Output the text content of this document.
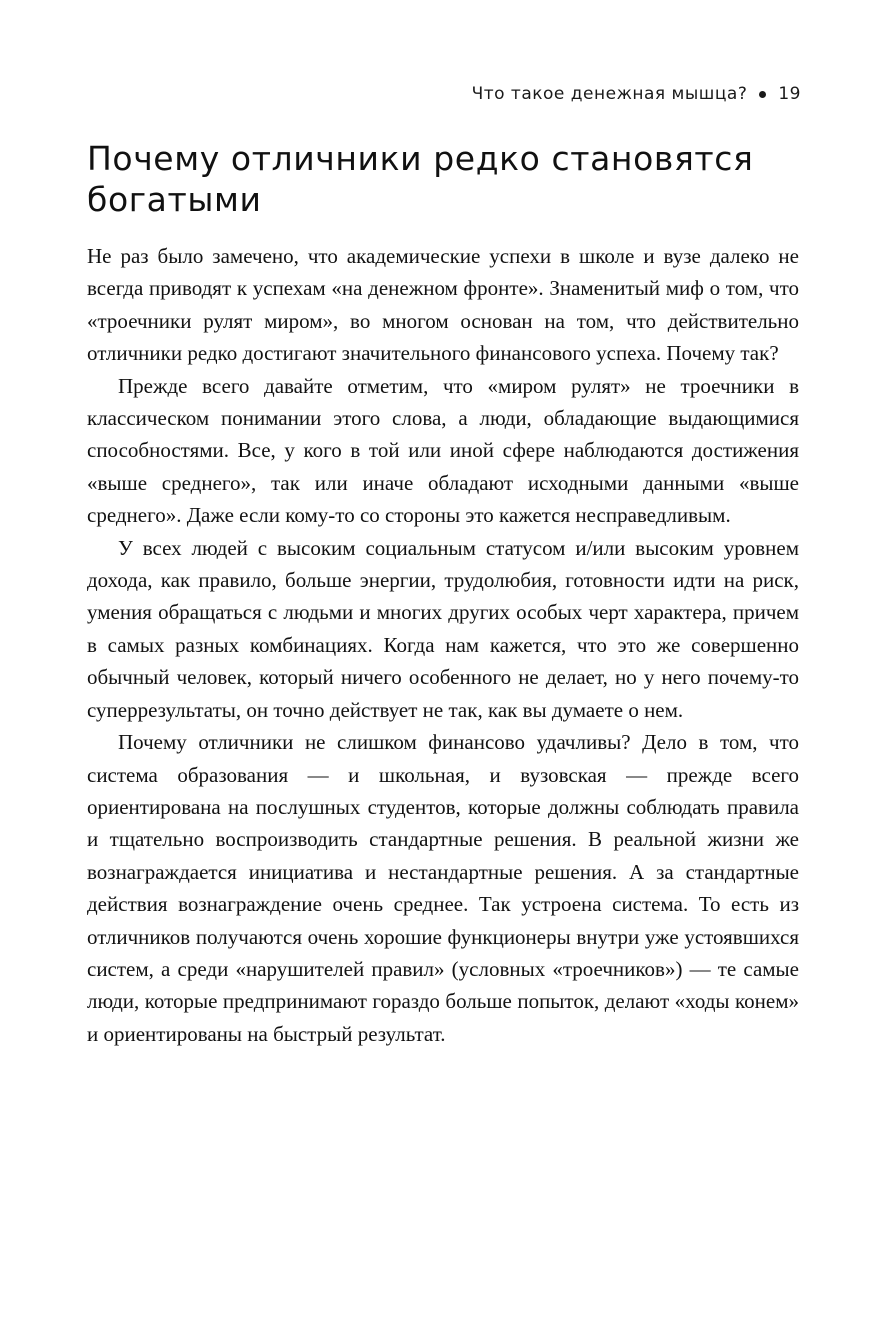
Что такое денежная мышца? 19
Почему отличники редко становятся богатыми

Не раз было замечено, что академические успехи в школе и вузе далеко не всегда приводят к успехам «на денежном фронте». Знаменитый миф о том, что «троечники рулят миром», во многом основан на том, что действительно отличники редко достигают значительного финансового успеха. Почему так?

Прежде всего давайте отметим, что «миром рулят» не троечники в классическом понимании этого слова, а люди, обладающие выдающимися способностями. Все, у кого в той или иной сфере наблюдаются достижения «выше среднего», так или иначе обладают исходными данными «выше среднего». Даже если кому-то со стороны это кажется несправедливым.

У всех людей с высоким социальным статусом и/или высоким уровнем дохода, как правило, больше энергии, трудолюбия, готовности идти на риск, умения обращаться с людьми и многих других особых черт характера, причем в самых разных комбинациях. Когда нам кажется, что это же совершенно обычный человек, который ничего особенного не делает, но у него почему-то суперрезультаты, он точно действует не так, как вы думаете о нем.

Почему отличники не слишком финансово удачливы? Дело в том, что система образования — и школьная, и вузовская — прежде всего ориентирована на послушных студентов, которые должны соблюдать правила и тщательно воспроизводить стандартные решения. В реальной жизни же вознаграждается инициатива и нестандартные решения. А за стандартные действия вознаграждение очень среднее. Так устроена система. То есть из отличников получаются очень хорошие функционеры внутри уже устоявшихся систем, а среди «нарушителей правил» (условных «троечников») — те самые люди, которые предпринимают гораздо больше попыток, делают «ходы конем» и ориентированы на быстрый результат.
